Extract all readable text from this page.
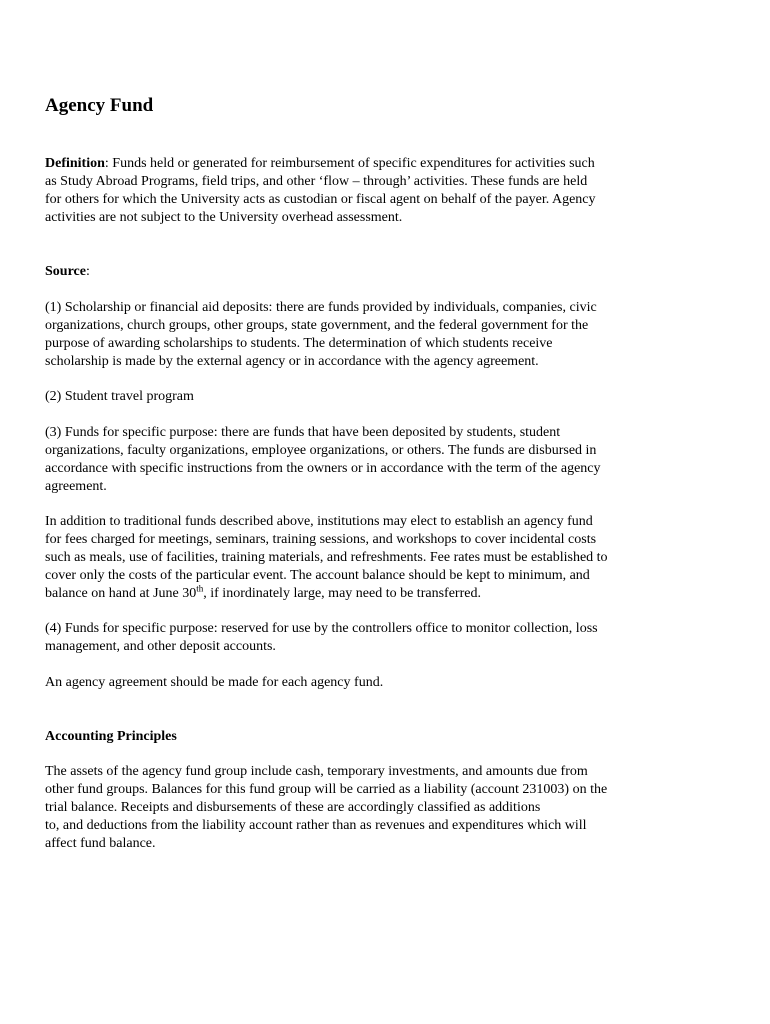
Agency Fund
Definition: Funds held or generated for reimbursement of specific expenditures for activities such
as Study Abroad Programs, field trips, and other ‘flow – through’ activities. These funds are held
for others for which the University acts as custodian or fiscal agent on behalf of the payer. Agency
activities are not subject to the University overhead assessment.
Source:
(1) Scholarship or financial aid deposits: there are funds provided by individuals, companies, civic
organizations, church groups, other groups, state government, and the federal government for the
purpose of awarding scholarships to students. The determination of which students receive
scholarship is made by the external agency or in accordance with the agency agreement.
(2) Student travel program
(3) Funds for specific purpose: there are funds that have been deposited by students, student
organizations, faculty organizations, employee organizations, or others. The funds are disbursed in
accordance with specific instructions from the owners or in accordance with the term of the agency
agreement.
In addition to traditional funds described above, institutions may elect to establish an agency fund
for fees charged for meetings, seminars, training sessions, and workshops to cover incidental costs
such as meals, use of facilities, training materials, and refreshments. Fee rates must be established to
cover only the costs of the particular event. The account balance should be kept to minimum, and
balance on hand at June 30th, if inordinately large, may need to be transferred.
(4) Funds for specific purpose: reserved for use by the controllers office to monitor collection, loss
management, and other deposit accounts.
An agency agreement should be made for each agency fund.
Accounting Principles
The assets of the agency fund group include cash, temporary investments, and amounts due from
other fund groups. Balances for this fund group will be carried as a liability (account 231003) on the
trial balance. Receipts and disbursements of these are accordingly classified as additions
to, and deductions from the liability account rather than as revenues and expenditures which will
affect fund balance.
